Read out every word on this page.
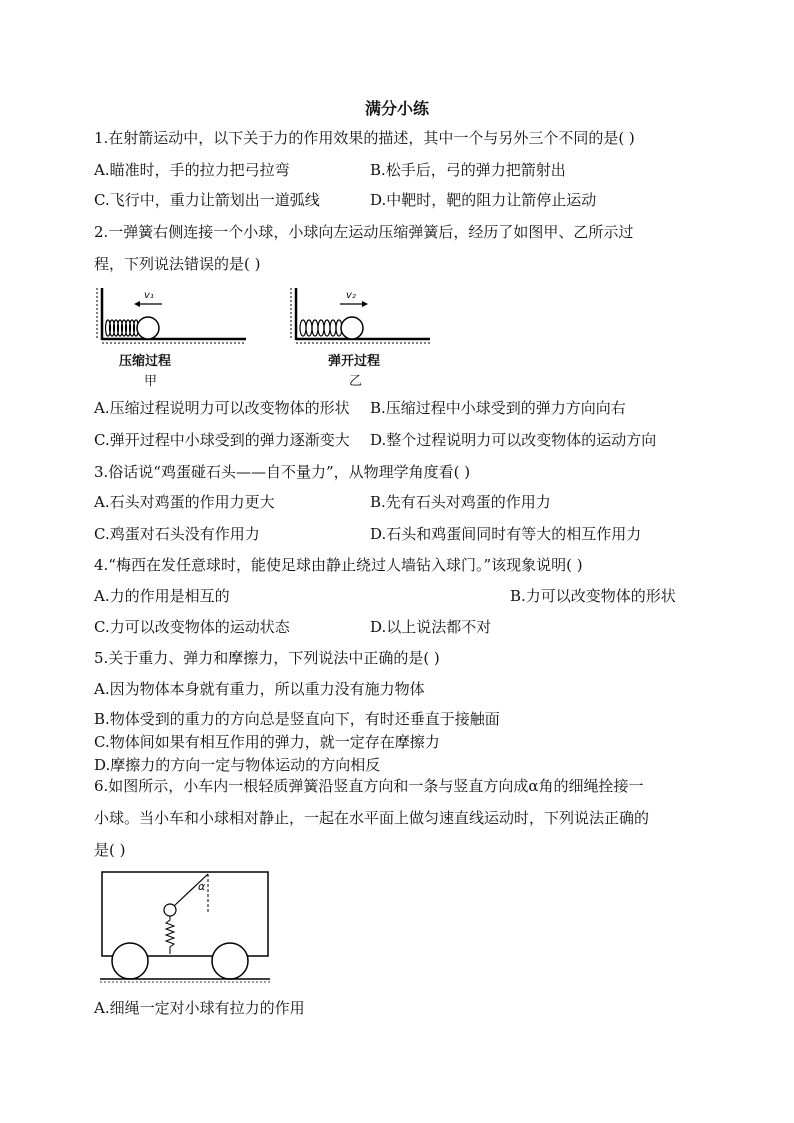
满分小练
1.在射箭运动中，以下关于力的作用效果的描述，其中一个与另外三个不同的是( )
A.瞄准时，手的拉力把弓拉弯	B.松手后，弓的弹力把箭射出
C.飞行中，重力让箭划出一道弧线	D.中靶时，靶的阻力让箭停止运动
2.一弹簧右侧连接一个小球，小球向左运动压缩弹簧后，经历了如图甲、乙所示过
程，下列说法错误的是( )
v₁
压缩过程
甲
v₂
弹开过程
乙
A.压缩过程说明力可以改变物体的形状 B.压缩过程中小球受到的弹力方向向右
C.弹开过程中小球受到的弹力逐渐变大 D.整个过程说明力可以改变物体的运动方向
3.俗话说“鸡蛋碰石头——自不量力”，从物理学角度看( )
A.石头对鸡蛋的作用力更大	B.先有石头对鸡蛋的作用力
C.鸡蛋对石头没有作用力	D.石头和鸡蛋间同时有等大的相互作用力
4.“梅西在发任意球时，能使足球由静止绕过人墙钻入球门。”该现象说明( )
A.力的作用是相互的	B.力可以改变物体的形状
C.力可以改变物体的运动状态	D.以上说法都不对
5.关于重力、弹力和摩擦力，下列说法中正确的是( )
A.因为物体本身就有重力，所以重力没有施力物体
B.物体受到的重力的方向总是竖直向下，有时还垂直于接触面
C.物体间如果有相互作用的弹力，就一定存在摩擦力
D.摩擦力的方向一定与物体运动的方向相反
6.如图所示，小车内一根轻质弹簧沿竖直方向和一条与竖直方向成α角的细绳拴接一
小球。当小车和小球相对静止，一起在水平面上做匀速直线运动时，下列说法正确的
是( )
α
A.细绳一定对小球有拉力的作用
